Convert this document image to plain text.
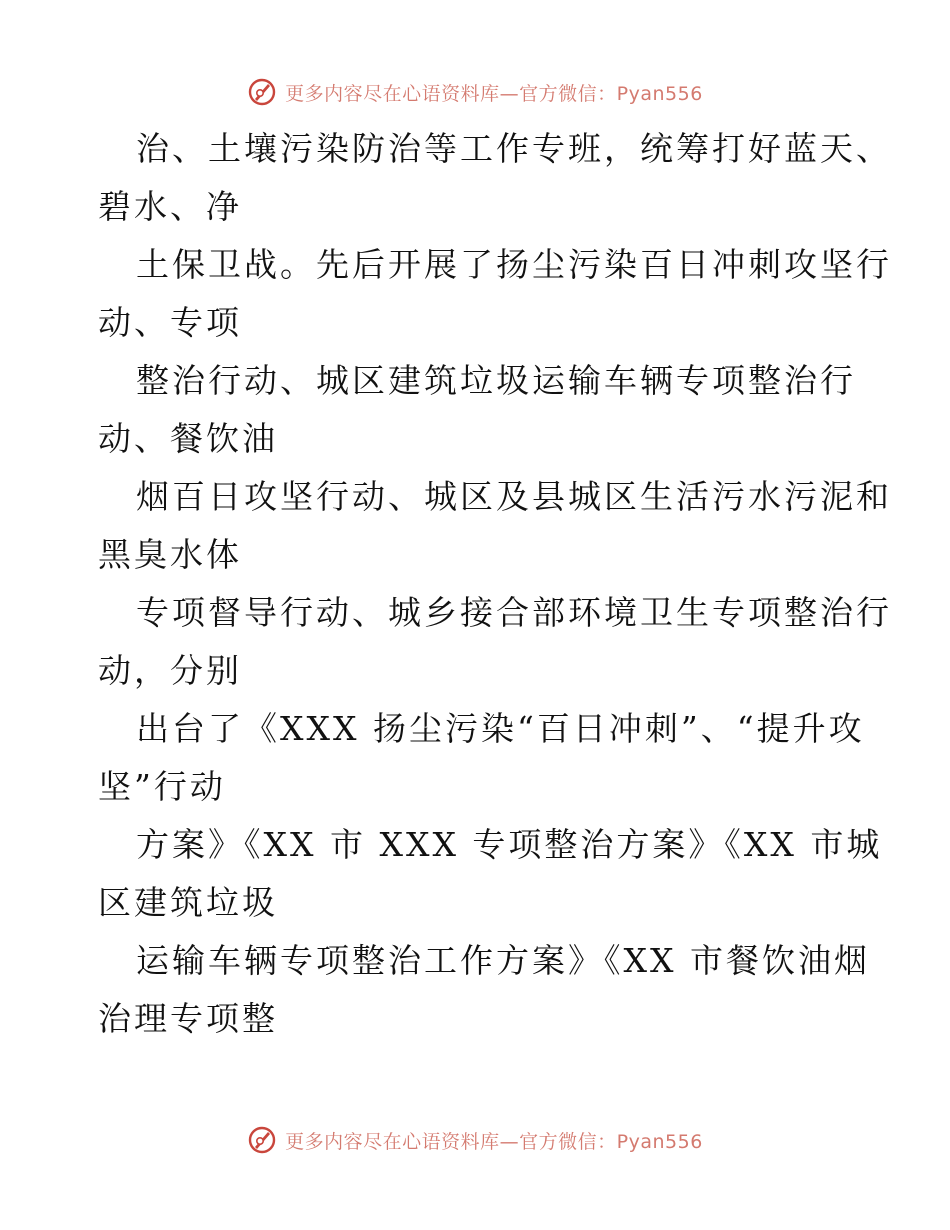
更多内容尽在心语资料库—官方微信：Pyan556
治、土壤污染防治等工作专班，统筹打好蓝天、
碧水、净
土保卫战。先后开展了扬尘污染百日冲刺攻坚行
动、专项
整治行动、城区建筑垃圾运输车辆专项整治行
动、餐饮油
烟百日攻坚行动、城区及县城区生活污水污泥和
黑臭水体
专项督导行动、城乡接合部环境卫生专项整治行
动，分别
出台了《XXX 扬尘污染“百日冲刺”、“提升攻
坚”行动
方案》《XX 市 XXX 专项整治方案》《XX 市城
区建筑垃圾
运输车辆专项整治工作方案》《XX 市餐饮油烟
治理专项整
更多内容尽在心语资料库—官方微信：Pyan556
